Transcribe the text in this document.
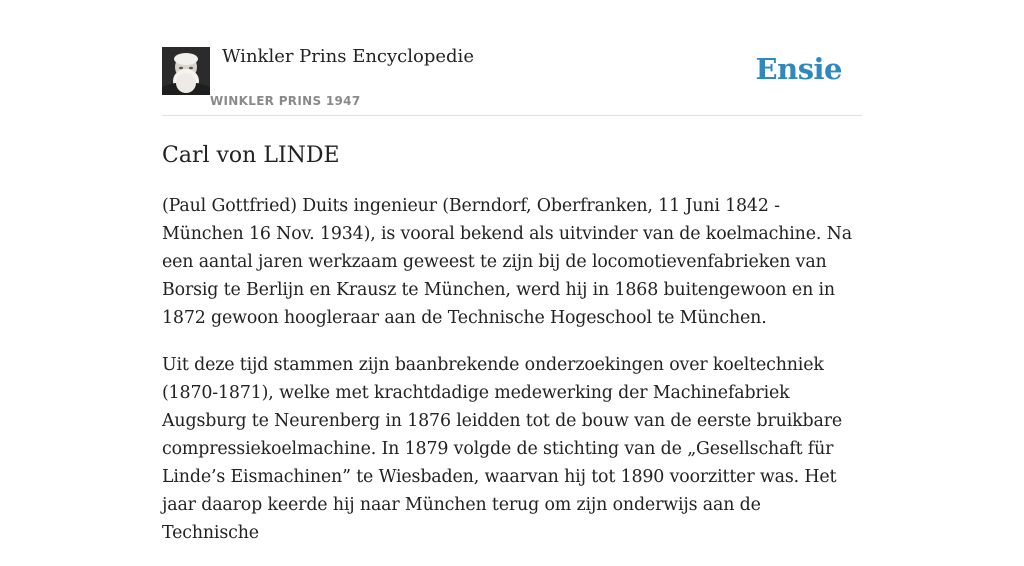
Winkler Prins Encyclopedie
WINKLER PRINS 1947
Ensie
Carl von LINDE

(Paul Gottfried) Duits ingenieur (Berndorf, Oberfranken, 11 Juni 1842 - München 16 Nov. 1934), is vooral bekend als uitvinder van de koelmachine. Na een aantal jaren werkzaam geweest te zijn bij de locomotievenfabrieken van Borsig te Berlijn en Krausz te München, werd hij in 1868 buitengewoon en in 1872 gewoon hoogleraar aan de Technische Hogeschool te München.

Uit deze tijd stammen zijn baanbrekende onderzoekingen over koeltechniek (1870-1871), welke met krachtdadige medewerking der Machinefabriek Augsburg te Neurenberg in 1876 leidden tot de bouw van de eerste bruikbare compressiekoelmachine. In 1879 volgde de stichting van de „Gesellschaft für Linde’s Eismachinen” te Wiesbaden, waarvan hij tot 1890 voorzitter was. Het jaar daarop keerde hij naar München terug om zijn onderwijs aan de Technische
